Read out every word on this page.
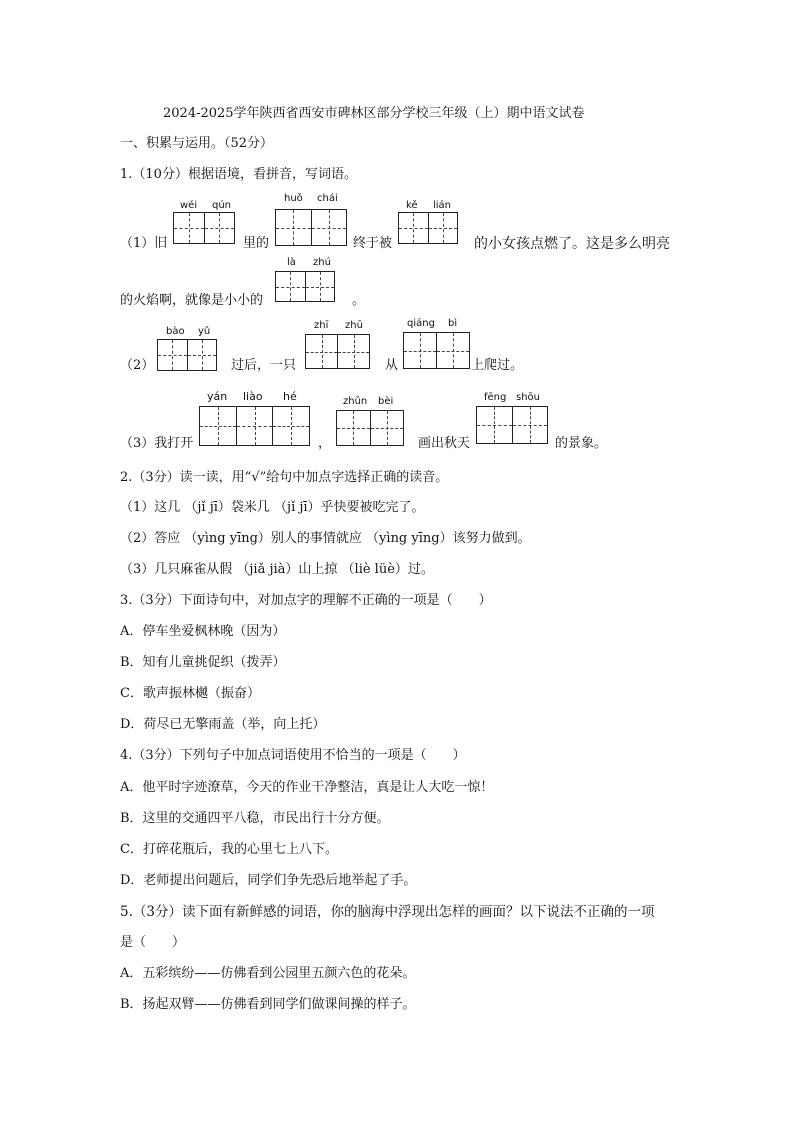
2024-2025学年陕西省西安市碑林区部分学校三年级（上）期中语文试卷
一、积累与运用。（52分）
1.（10分）根据语境，看拼音，写词语。
（1）旧
wéi qún
里的
huǒ chái
终于被
kě lián
的小女孩点燃了。这是多么明亮
的火焰啊，就像是小小的
là zhú
。
（2）
bào yǔ
过后，一只
zhī zhū
从
qiáng bì
上爬过。
（3）我打开
yán liào hé
，
zhǔn bèi
画出秋天
fēng shōu
的景象。
2.（3分）读一读，用“√”给句中加点字选择正确的读音。
（1）这几 （jǐ jī）袋米几 （jǐ jī）乎快要被吃完了。
（2）答应 （yìng yīng）别人的事情就应 （yìng yīng）该努力做到。
（3）几只麻雀从假 （jiǎ jià）山上掠 （liè lüè）过。
3.（3分）下面诗句中，对加点字的理解不正确的一项是（　　）
A．停车坐爱枫林晚（因为）
B．知有儿童挑促织（拨弄）
C．歌声振林樾（振奋）
D．荷尽已无擎雨盖（举，向上托）
4.（3分）下列句子中加点词语使用不恰当的一项是（　　）
A．他平时字迹潦草，今天的作业干净整洁，真是让人大吃一惊！
B．这里的交通四平八稳，市民出行十分方便。
C．打碎花瓶后，我的心里七上八下。
D．老师提出问题后，同学们争先恐后地举起了手。
5.（3分）读下面有新鲜感的词语，你的脑海中浮现出怎样的画面？以下说法不正确的一项
是（　　）
A．五彩缤纷——仿佛看到公园里五颜六色的花朵。
B．扬起双臂——仿佛看到同学们做课间操的样子。
